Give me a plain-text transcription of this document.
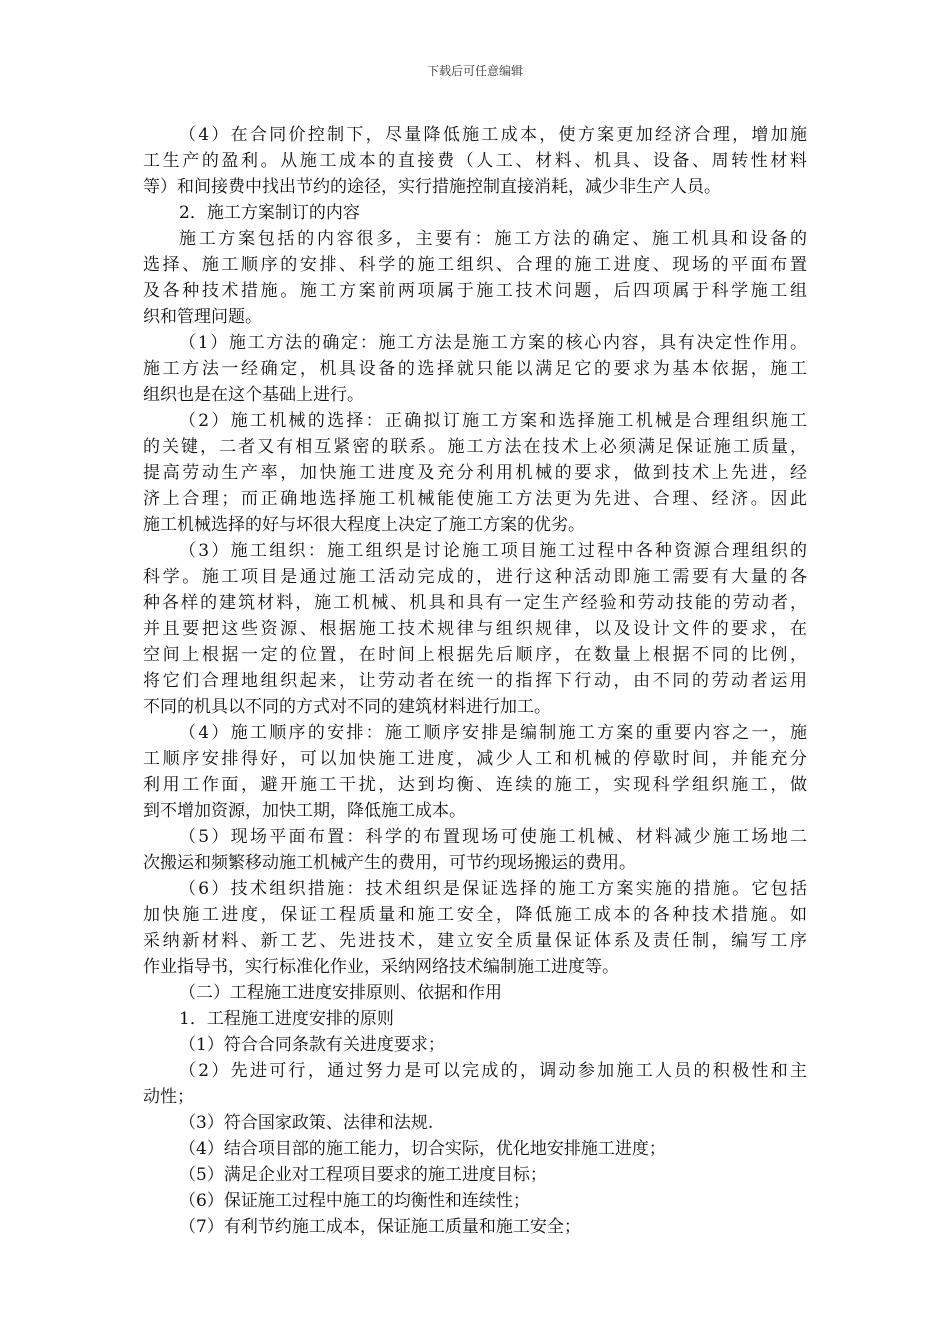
下载后可任意编辑
（4）在合同价控制下，尽量降低施工成本，使方案更加经济合理，增加施
工生产的盈利。从施工成本的直接费（人工、材料、机具、设备、周转性材料
等）和间接费中找出节约的途径，实行措施控制直接消耗，减少非生产人员。
2．施工方案制订的内容
施工方案包括的内容很多，主要有：施工方法的确定、施工机具和设备的
选择、施工顺序的安排、科学的施工组织、合理的施工进度、现场的平面布置
及各种技术措施。施工方案前两项属于施工技术问题，后四项属于科学施工组
织和管理问题。
（1）施工方法的确定：施工方法是施工方案的核心内容，具有决定性作用。
施工方法一经确定，机具设备的选择就只能以满足它的要求为基本依据，施工
组织也是在这个基础上进行。
（2）施工机械的选择：正确拟订施工方案和选择施工机械是合理组织施工
的关键，二者又有相互紧密的联系。施工方法在技术上必须满足保证施工质量，
提高劳动生产率，加快施工进度及充分利用机械的要求，做到技术上先进，经
济上合理；而正确地选择施工机械能使施工方法更为先进、合理、经济。因此
施工机械选择的好与坏很大程度上决定了施工方案的优劣。
（3）施工组织：施工组织是讨论施工项目施工过程中各种资源合理组织的
科学。施工项目是通过施工活动完成的，进行这种活动即施工需要有大量的各
种各样的建筑材料，施工机械、机具和具有一定生产经验和劳动技能的劳动者，
并且要把这些资源、根据施工技术规律与组织规律，以及设计文件的要求，在
空间上根据一定的位置，在时间上根据先后顺序，在数量上根据不同的比例，
将它们合理地组织起来，让劳动者在统一的指挥下行动，由不同的劳动者运用
不同的机具以不同的方式对不同的建筑材料进行加工。
（4）施工顺序的安排：施工顺序安排是编制施工方案的重要内容之一，施
工顺序安排得好，可以加快施工进度，减少人工和机械的停歇时间，并能充分
利用工作面，避开施工干扰，达到均衡、连续的施工，实现科学组织施工，做
到不增加资源，加快工期，降低施工成本。
（5）现场平面布置：科学的布置现场可使施工机械、材料减少施工场地二
次搬运和频繁移动施工机械产生的费用，可节约现场搬运的费用。
（6）技术组织措施：技术组织是保证选择的施工方案实施的措施。它包括
加快施工进度，保证工程质量和施工安全，降低施工成本的各种技术措施。如
采纳新材料、新工艺、先进技术，建立安全质量保证体系及责任制，编写工序
作业指导书，实行标准化作业，采纳网络技术编制施工进度等。
（二）工程施工进度安排原则、依据和作用
1．工程施工进度安排的原则
（1）符合合同条款有关进度要求；
（2）先进可行，通过努力是可以完成的，调动参加施工人员的积极性和主
动性；
（3）符合国家政策、法律和法规.
（4）结合项目部的施工能力，切合实际，优化地安排施工进度；
（5）满足企业对工程项目要求的施工进度目标；
（6）保证施工过程中施工的均衡性和连续性；
（7）有利节约施工成本，保证施工质量和施工安全；
